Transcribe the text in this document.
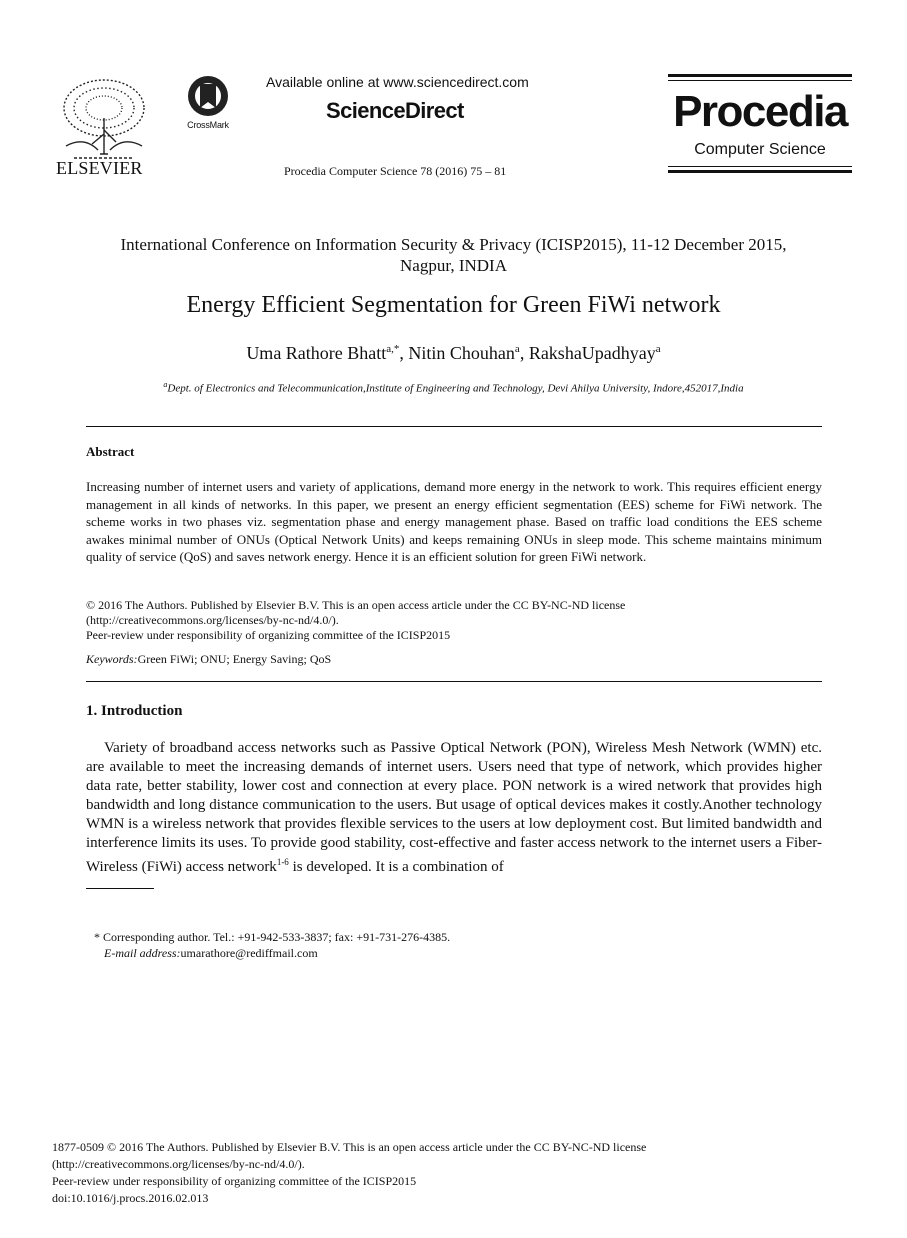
ELSEVIER
CrossMark
Available online at www.sciencedirect.com
ScienceDirect
Procedia Computer Science 78 (2016) 75 – 81
Procedia
Computer Science
International Conference on Information Security & Privacy (ICISP2015), 11-12 December 2015,
Nagpur, INDIA
Energy Efficient Segmentation for Green FiWi network
Uma Rathore Bhatt$^{a,*}$, Nitin Chouhan$^a$, RakshaUpadhyay$^a$
$^a$Dept. of Electronics and Telecommunication,Institute of Engineering and Technology, Devi Ahilya University, Indore,452017,India
Abstract
Increasing number of internet users and variety of applications, demand more energy in the network to work. This requires efficient energy management in all kinds of networks. In this paper, we present an energy efficient segmentation (EES) scheme for FiWi network. The scheme works in two phases viz. segmentation phase and energy management phase. Based on traffic load conditions the EES scheme awakes minimal number of ONUs (Optical Network Units) and keeps remaining ONUs in sleep mode. This scheme maintains minimum quality of service (QoS) and saves network energy. Hence it is an efficient solution for green FiWi network.
© 2016 The Authors. Published by Elsevier B.V. This is an open access article under the CC BY-NC-ND license
(http://creativecommons.org/licenses/by-nc-nd/4.0/).
Peer-review under responsibility of organizing committee of the ICISP2015
Keywords:Green FiWi; ONU; Energy Saving; QoS
1. Introduction
Variety of broadband access networks such as Passive Optical Network (PON), Wireless Mesh Network (WMN) etc. are available to meet the increasing demands of internet users. Users need that type of network, which provides higher data rate, better stability, lower cost and connection at every place. PON network is a wired network that provides high bandwidth and long distance communication to the users. But usage of optical devices makes it costly.Another technology WMN is a wireless network that provides flexible services to the users at low deployment cost. But limited bandwidth and interference limits its uses. To provide good stability, cost-effective and faster access network to the internet users a Fiber-Wireless (FiWi) access network$^{1-6}$ is developed. It is a combination of
* Corresponding author. Tel.: +91-942-533-3837; fax: +91-731-276-4385.
E-mail address:umarathore@rediffmail.com
1877-0509 © 2016 The Authors. Published by Elsevier B.V. This is an open access article under the CC BY-NC-ND license
(http://creativecommons.org/licenses/by-nc-nd/4.0/).
Peer-review under responsibility of organizing committee of the ICISP2015
doi:10.1016/j.procs.2016.02.013
